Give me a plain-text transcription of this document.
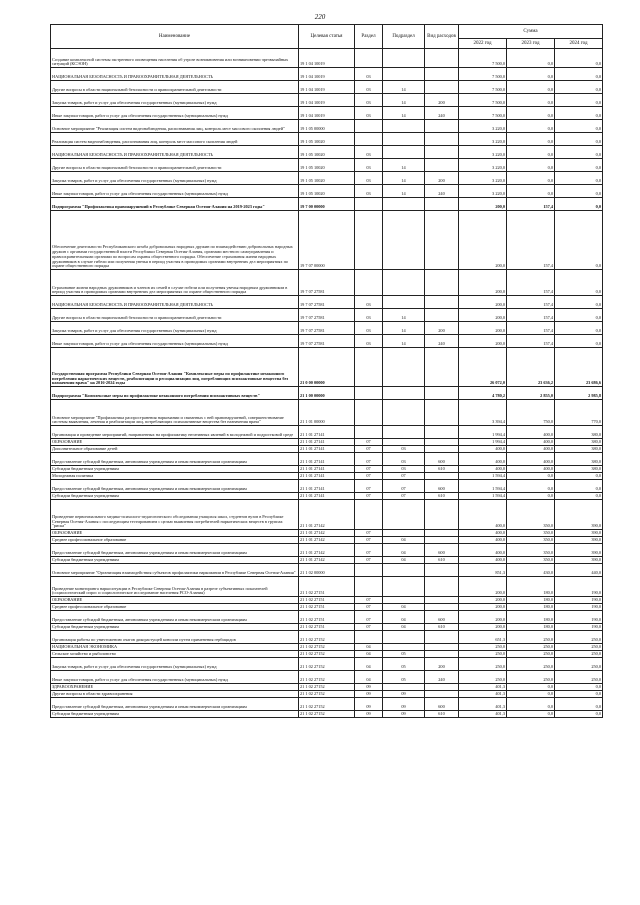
220
Наименование	Целевая статья	Раздел	Подраздел	Вид расходов	Сумма		
					2022 год	2023 год	2024 год
Создание комплексной системы экстренного оповещения населения об угрозе возникновения или возникновении чрезвычайных ситуаций (КСЭОН)	19 1 04 10019				7 500,0	0,0	0,0
НАЦИОНАЛЬНАЯ БЕЗОПАСНОСТЬ И ПРАВООХРАНИТЕЛЬНАЯ ДЕЯТЕЛЬНОСТЬ	19 1 04 10019	03			7 500,0	0,0	0,0
Другие вопросы в области национальной безопасности и правоохранительной деятельности	19 1 04 10019	03	14		7 500,0	0,0	0,0
Закупка товаров, работ и услуг для обеспечения государственных (муниципальных) нужд	19 1 04 10019	03	14	200	7 500,0	0,0	0,0
Иные закупки товаров, работ и услуг для обеспечения государственных (муниципальных) нужд	19 1 04 10019	03	14	240	7 500,0	0,0	0,0
Основное мероприятие "Реализация систем видеонаблюдения, распознавания лиц, контроль мест массового скопления людей"	19 1 05 00000				3 220,0	0,0	0,0
Реализация систем видеонаблюдения, распознавания лиц, контроль мест массового скопления людей	19 1 05 10020				3 220,0	0,0	0,0
НАЦИОНАЛЬНАЯ БЕЗОПАСНОСТЬ И ПРАВООХРАНИТЕЛЬНАЯ ДЕЯТЕЛЬНОСТЬ	19 1 05 10020	03			3 220,0	0,0	0,0
Другие вопросы в области национальной безопасности и правоохранительной деятельности	19 1 05 10020	03	14		3 220,0	0,0	0,0
Закупка товаров, работ и услуг для обеспечения государственных (муниципальных) нужд	19 1 05 10020	03	14	200	3 220,0	0,0	0,0
Иные закупки товаров, работ и услуг для обеспечения государственных (муниципальных) нужд	19 1 05 10020	03	14	240	3 220,0	0,0	0,0
Подпрограмма "Профилактика правонарушений в Республике Северная Осетия-Алания на 2019-2023 годы"	19 7 00 00000				200,0	157,4	0,0
Обеспечение деятельности Республиканского штаба добровольных народных дружин по взаимодействию добровольных народных дружин с органами государственной власти Республики Северная Осетия-Алания, органами местного самоуправления и правоохранительными органами по вопросам охраны общественного порядка. Обеспечение страхования жизни народных дружинников в случае гибели или получения увечья в период участия в проводимых органами внутренних дел мероприятиях по охране общественного порядка	19 7 07 00000				200,0	157,4	0,0
Страхование жизни народных дружинников и членов их семей в случае гибели или получения увечья народным дружинником в период участия в проводимых органами внутренних дел мероприятиях по охране общественного порядка	19 7 07 27581				200,0	157,4	0,0
НАЦИОНАЛЬНАЯ БЕЗОПАСНОСТЬ И ПРАВООХРАНИТЕЛЬНАЯ ДЕЯТЕЛЬНОСТЬ	19 7 07 27581	03			200,0	157,4	0,0
Другие вопросы в области национальной безопасности и правоохранительной деятельности	19 7 07 27581	03	14		200,0	157,4	0,0
Закупка товаров, работ и услуг для обеспечения государственных (муниципальных) нужд	19 7 07 27581	03	14	200	200,0	157,4	0,0
Иные закупки товаров, работ и услуг для обеспечения государственных (муниципальных) нужд	19 7 07 27581	03	14	240	200,0	157,4	0,0
Государственная программа Республики Северная Осетия-Алания "Комплексные меры по профилактике незаконного потребления наркотических веществ, реабилитации и ресоциализации лиц, потребляющих психоактивные вещества без назначения врача" на 2016-2024 годы	21 0 00 00000				26 072,0	23 636,2	23 686,6
Подпрограмма "Комплексные меры по профилактике незаконного потребления психоактивных веществ"	21 1 00 00000				4 780,2	2 855,0	2 985,8
Основное мероприятие "Профилактика распространения наркомании и связанных с ней правонарушений, совершенствование системы выявления, лечения и реабилитации лиц, потребляющих психоактивные вещества без назначения врача"	21 1 01 00000				3 394,4	750,0	770,0
Организация и проведение мероприятий, направленных на профилактику негативных явлений в молодежной и подростковой среде	21 1 01 27141				1 994,4	400,0	380,0
ОБРАЗОВАНИЕ	21 1 01 27141	07			1 994,4	400,0	380,0
Дополнительное образование детей	21 1 01 27141	07	03		400,0	400,0	380,0
Предоставление субсидий бюджетным, автономным учреждениям и иным некоммерческим организациям	21 1 01 27141	07	03	600	400,0	400,0	380,0
Субсидии бюджетным учреждениям	21 1 01 27141	07	03	610	400,0	400,0	380,0
Молодежная политика	21 1 01 27141	07	07		1 594,4	0,0	0,0
Предоставление субсидий бюджетным, автономным учреждениям и иным некоммерческим организациям	21 1 01 27141	07	07	600	1 594,4	0,0	0,0
Субсидии бюджетным учреждениям	21 1 01 27141	07	07	610	1 594,4	0,0	0,0
Проведение первоначального медико-психолого-педагогического обследования учащихся школ, студентов вузов в Республике Северная Осетия-Алания с последующим тестированием с целью выявления потребителей наркотических веществ в группах "риска"	21 1 01 27142				400,0	350,0	390,0
ОБРАЗОВАНИЕ	21 1 01 27142	07			400,0	350,0	390,0
Среднее профессиональное образование	21 1 01 27142	07	04		400,0	350,0	390,0
Предоставление субсидий бюджетным, автономным учреждениям и иным некоммерческим организациям	21 1 01 27142	07	04	600	400,0	350,0	390,0
Субсидии бюджетным учреждениям	21 1 01 27142	07	04	610	400,0	350,0	390,0
Основное мероприятие "Организация взаимодействия субъектов профилактики наркомании в Республике Северная Осетия-Алания"	21 1 02 00000				851,3	430,0	440,0
Проведение мониторинга наркоситуации в Республике Северная Осетия-Алания в разрезе субъективных показателей (социологический опрос и социологическое исследование населения РСО-Алания)	21 1 02 27151				200,0	180,0	190,0
ОБРАЗОВАНИЕ	21 1 02 27151	07			200,0	180,0	190,0
Среднее профессиональное образование	21 1 02 27151	07	04		200,0	180,0	190,0
Предоставление субсидий бюджетным, автономным учреждениям и иным некоммерческим организациям	21 1 02 27151	07	04	600	200,0	180,0	190,0
Субсидии бюджетным учреждениям	21 1 02 27151	07	04	610	200,0	180,0	190,0
Организация работы по уничтожению очагов дикорастущей конопли путем применения гербицидов	21 1 02 27152				651,3	250,0	250,0
НАЦИОНАЛЬНАЯ ЭКОНОМИКА	21 1 02 27152	04			250,0	250,0	250,0
Сельское хозяйство и рыболовство	21 1 02 27152	04	05		250,0	250,0	250,0
Закупка товаров, работ и услуг для обеспечения государственных (муниципальных) нужд	21 1 02 27152	04	05	200	250,0	250,0	250,0
Иные закупки товаров, работ и услуг для обеспечения государственных (муниципальных) нужд	21 1 02 27152	04	05	240	250,0	250,0	250,0
ЗДРАВООХРАНЕНИЕ	21 1 02 27152	09			401,3	0,0	0,0
Другие вопросы в области здравоохранения	21 1 02 27152	09	09		401,3	0,0	0,0
Предоставление субсидий бюджетным, автономным учреждениям и иным некоммерческим организациям	21 1 02 27152	09	09	600	401,3	0,0	0,0
Субсидии бюджетным учреждениям	21 1 02 27152	09	09	610	401,3	0,0	0,0
